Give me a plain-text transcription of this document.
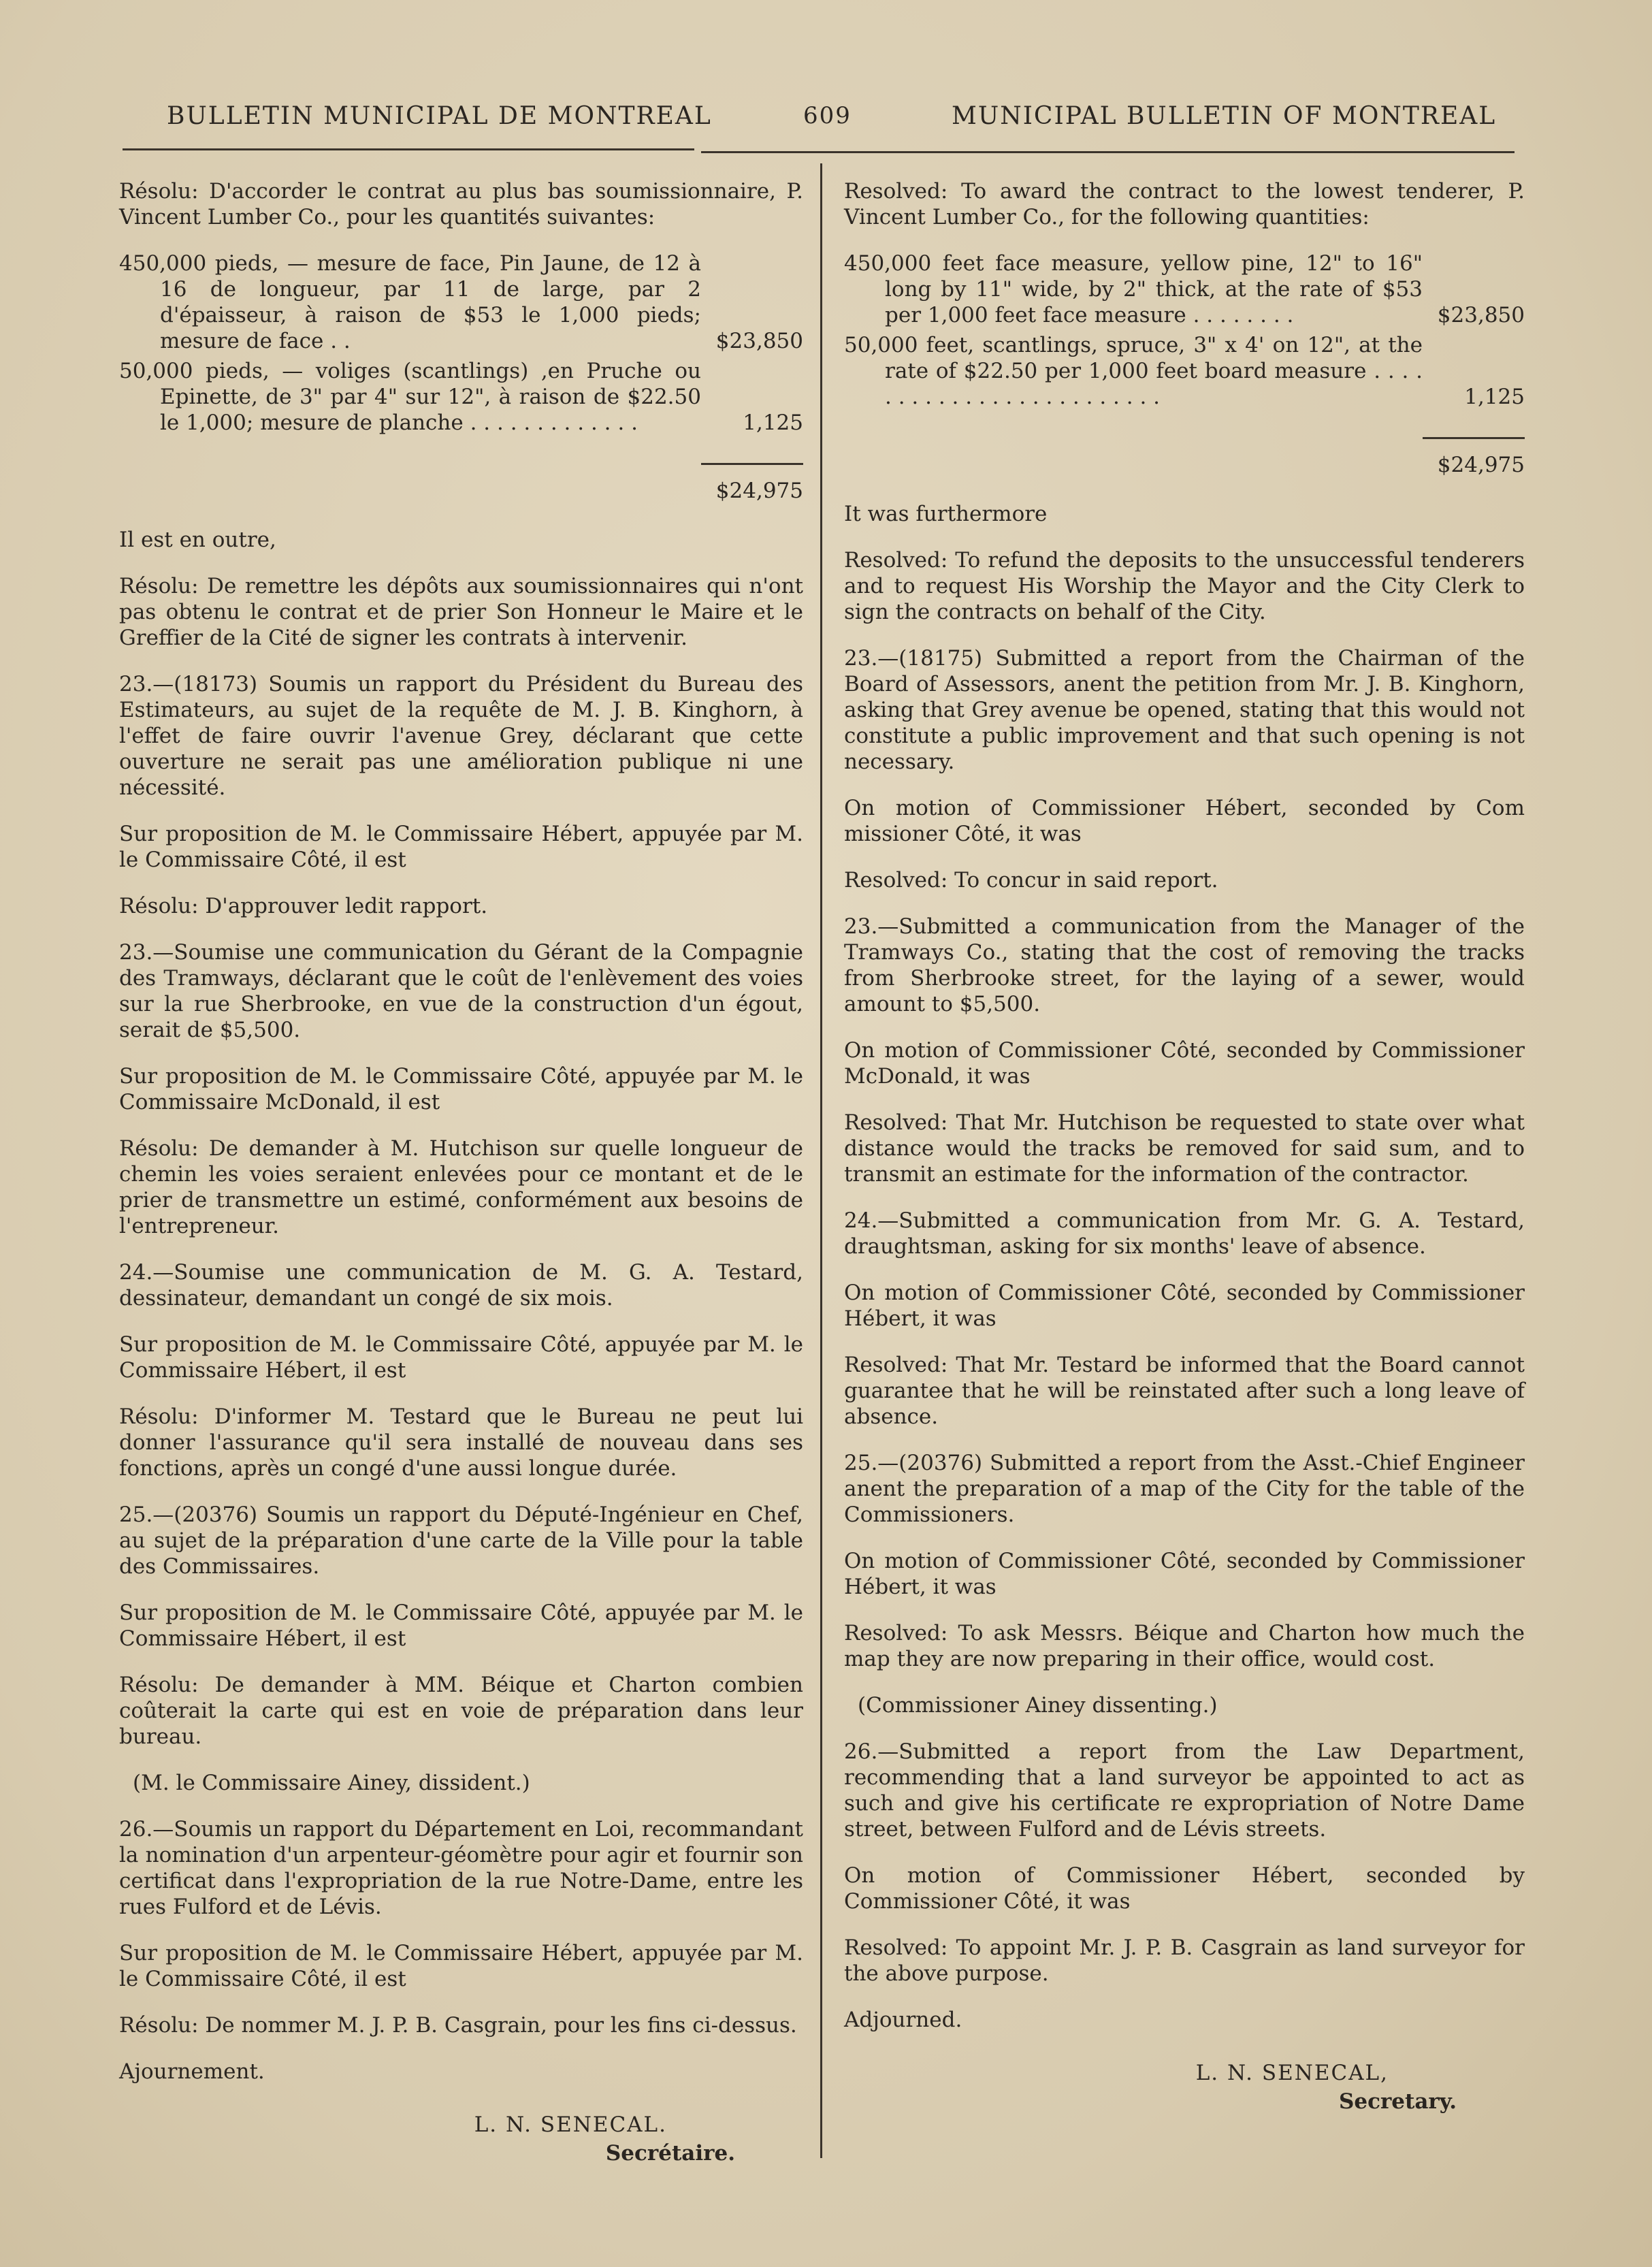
BULLETIN MUNICIPAL DE MONTREAL	609	MUNICIPAL BULLETIN OF MONTREAL

Résolu: D'accorder le contrat au plus bas soumissionnaire, P. Vincent Lumber Co., pour les quantités suivantes:

450,000 pieds, — mesure de face, Pin Jaune, de 12 à 16 de longueur, par 11 de large, par 2 d'épaisseur, à raison de $53 le 1,000 pieds; mesure de face . .	$23,850
50,000 pieds, — voliges (scantlings) ,en Pruche ou Epinette, de 3" par 4" sur 12", à raison de $22.50 le 1,000; mesure de planche . . . . . . . . . . . . .	1,125
$24,975

Il est en outre,

Résolu: De remettre les dépôts aux soumissionnaires qui n'ont pas obtenu le contrat et de prier Son Honneur le Maire et le Greffier de la Cité de signer les contrats à intervenir.

23.—(18173) Soumis un rapport du Président du Bureau des Estimateurs, au sujet de la requête de M. J. B. Kinghorn, à l'effet de faire ouvrir l'avenue Grey, déclarant que cette ouverture ne serait pas une amélioration publique ni une nécessité.

Sur proposition de M. le Commissaire Hébert, appuyée par M. le Commissaire Côté, il est

Résolu: D'approuver ledit rapport.

23.—Soumise une communication du Gérant de la Compagnie des Tramways, déclarant que le coût de l'enlèvement des voies sur la rue Sherbrooke, en vue de la construction d'un égout, serait de $5,500.

Sur proposition de M. le Commissaire Côté, appuyée par M. le Commissaire McDonald, il est

Résolu: De demander à M. Hutchison sur quelle longueur de chemin les voies seraient enlevées pour ce montant et de le prier de transmettre un estimé, conformément aux besoins de l'entrepreneur.

24.—Soumise une communication de M. G. A. Testard, dessinateur, demandant un congé de six mois.

Sur proposition de M. le Commissaire Côté, appuyée par M. le Commissaire Hébert, il est

Résolu: D'informer M. Testard que le Bureau ne peut lui donner l'assurance qu'il sera installé de nouveau dans ses fonctions, après un congé d'une aussi longue durée.

25.—(20376) Soumis un rapport du Député-Ingénieur en Chef, au sujet de la préparation d'une carte de la Ville pour la table des Commissaires.

Sur proposition de M. le Commissaire Côté, appuyée par M. le Commissaire Hébert, il est

Résolu: De demander à MM. Béique et Charton combien coûterait la carte qui est en voie de préparation dans leur bureau.

(M. le Commissaire Ainey, dissident.)

26.—Soumis un rapport du Département en Loi, recommandant la nomination d'un arpenteur-géomètre pour agir et fournir son certificat dans l'expropriation de la rue Notre-Dame, entre les rues Fulford et de Lévis.

Sur proposition de M. le Commissaire Hébert, appuyée par M. le Commissaire Côté, il est

Résolu: De nommer M. J. P. B. Casgrain, pour les fins ci-dessus.

Ajournement.

L. N. SENECAL.
Secrétaire.

Resolved: To award the contract to the lowest tenderer, P. Vincent Lumber Co., for the following quantities:

450,000 feet face measure, yellow pine, 12" to 16" long by 11" wide, by 2" thick, at the rate of $53 per 1,000 feet face measure . . . . . . . .	$23,850
50,000 feet, scantlings, spruce, 3" x 4' on 12", at the rate of $22.50 per 1,000 feet board measure . . . . . . . . . . . . . . . . . . . . . . . . .	1,125
$24,975

It was furthermore

Resolved: To refund the deposits to the unsuccessful tenderers and to request His Worship the Mayor and the City Clerk to sign the contracts on behalf of the City.

23.—(18175) Submitted a report from the Chairman of the Board of Assessors, anent the petition from Mr. J. B. Kinghorn, asking that Grey avenue be opened, stating that this would not constitute a public improvement and that such opening is not necessary.

On motion of Commissioner Hébert, seconded by Com missioner Côté, it was

Resolved: To concur in said report.

23.—Submitted a communication from the Manager of the Tramways Co., stating that the cost of removing the tracks from Sherbrooke street, for the laying of a sewer, would amount to $5,500.

On motion of Commissioner Côté, seconded by Commissioner McDonald, it was

Resolved: That Mr. Hutchison be requested to state over what distance would the tracks be removed for said sum, and to transmit an estimate for the information of the contractor.

24.—Submitted a communication from Mr. G. A. Testard, draughtsman, asking for six months' leave of absence.

On motion of Commissioner Côté, seconded by Commissioner Hébert, it was

Resolved: That Mr. Testard be informed that the Board cannot guarantee that he will be reinstated after such a long leave of absence.

25.—(20376) Submitted a report from the Asst.-Chief Engineer anent the preparation of a map of the City for the table of the Commissioners.

On motion of Commissioner Côté, seconded by Commissioner Hébert, it was

Resolved: To ask Messrs. Béique and Charton how much the map they are now preparing in their office, would cost.

(Commissioner Ainey dissenting.)

26.—Submitted a report from the Law Department, recommending that a land surveyor be appointed to act as such and give his certificate re expropriation of Notre Dame street, between Fulford and de Lévis streets.

On motion of Commissioner Hébert, seconded by Commissioner Côté, it was

Resolved: To appoint Mr. J. P. B. Casgrain as land surveyor for the above purpose.

Adjourned.

L. N. SENECAL,
Secretary.
